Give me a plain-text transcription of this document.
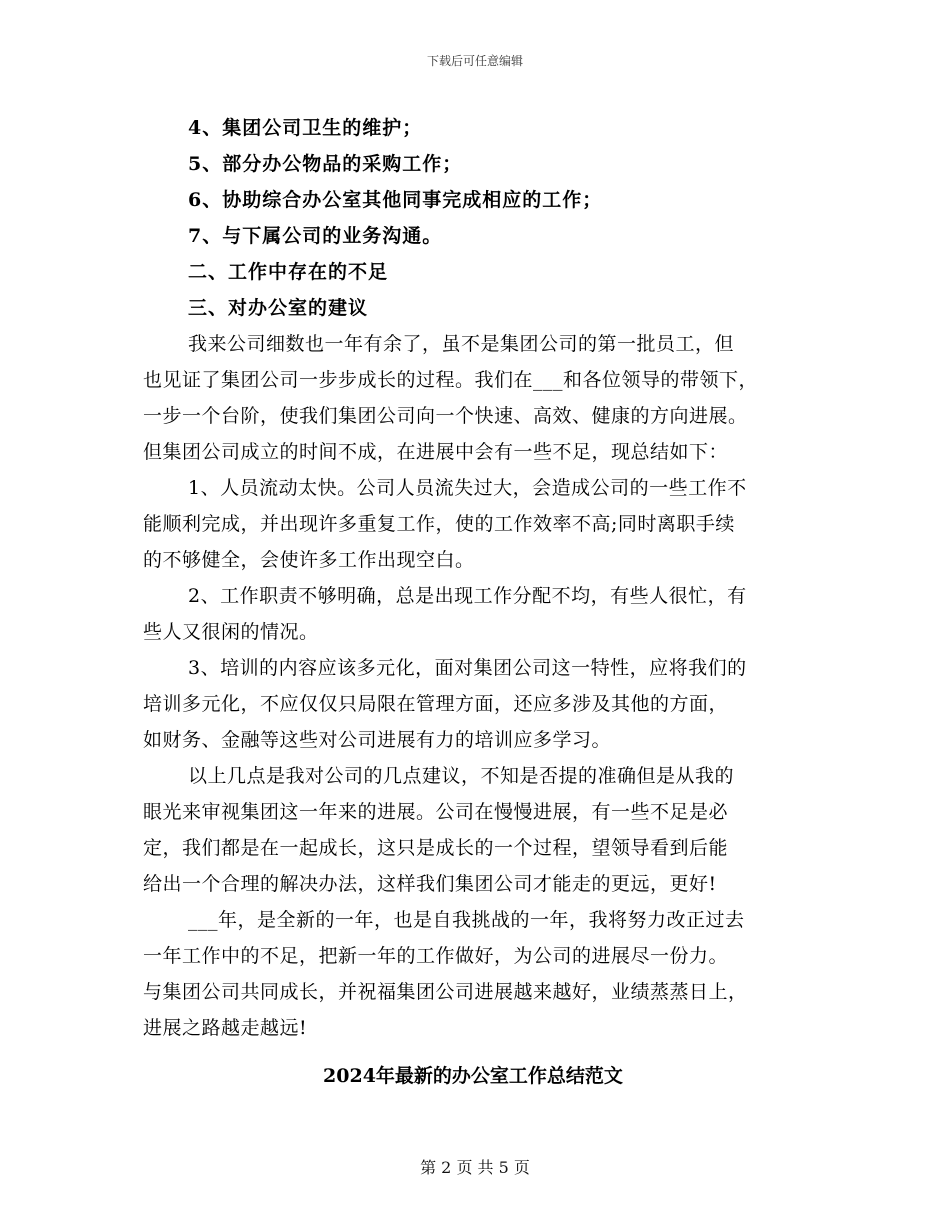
下载后可任意编辑
4、集团公司卫生的维护；
5、部分办公物品的采购工作；
6、协助综合办公室其他同事完成相应的工作；
7、与下属公司的业务沟通。
二、工作中存在的不足
三、对办公室的建议

我来公司细数也一年有余了，虽不是集团公司的第一批员工，但
也见证了集团公司一步步成长的过程。我们在___和各位领导的带领下，
一步一个台阶，使我们集团公司向一个快速、高效、健康的方向进展。
但集团公司成立的时间不成，在进展中会有一些不足，现总结如下：

1、人员流动太快。公司人员流失过大，会造成公司的一些工作不
能顺利完成，并出现许多重复工作，使的工作效率不高;同时离职手续
的不够健全，会使许多工作出现空白。

2、工作职责不够明确，总是出现工作分配不均，有些人很忙，有
些人又很闲的情况。

3、培训的内容应该多元化，面对集团公司这一特性，应将我们的
培训多元化，不应仅仅只局限在管理方面，还应多涉及其他的方面，
如财务、金融等这些对公司进展有力的培训应多学习。

以上几点是我对公司的几点建议，不知是否提的准确但是从我的
眼光来审视集团这一年来的进展。公司在慢慢进展，有一些不足是必
定，我们都是在一起成长，这只是成长的一个过程，望领导看到后能
给出一个合理的解决办法，这样我们集团公司才能走的更远，更好!

___年，是全新的一年，也是自我挑战的一年，我将努力改正过去
一年工作中的不足，把新一年的工作做好，为公司的进展尽一份力。
与集团公司共同成长，并祝福集团公司进展越来越好，业绩蒸蒸日上，
进展之路越走越远!

2024年最新的办公室工作总结范文
第 2 页 共 5 页
